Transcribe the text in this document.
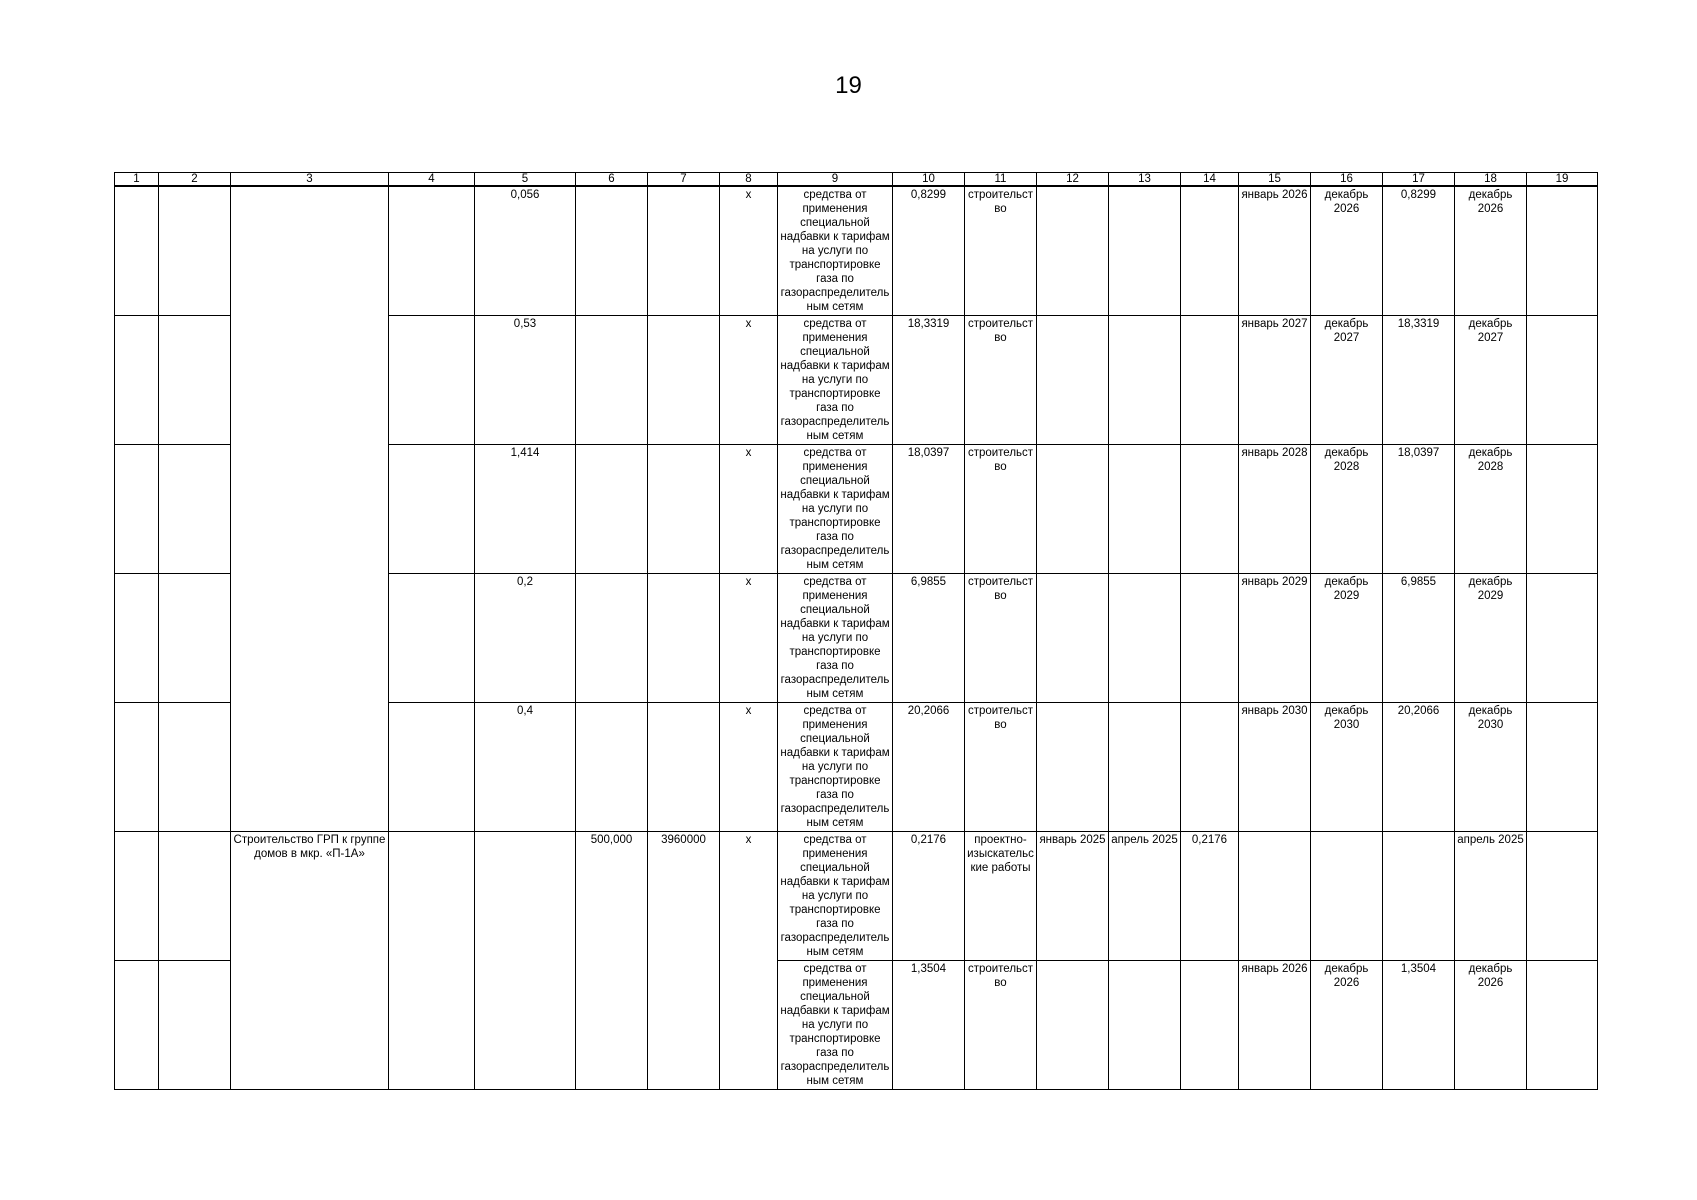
19
1	2	3	4	5	6	7	8	9	10	11	12	13	14	15	16	17	18	19
				0,056			х	средства от применения специальной надбавки к тарифам на услуги по транспортировке газа по газораспределительным сетям	0,8299	строительство				январь 2026	декабрь 2026	0,8299	декабрь 2026	
				0,53			х	средства от применения специальной надбавки к тарифам на услуги по транспортировке газа по газораспределительным сетям	18,3319	строительство				январь 2027	декабрь 2027	18,3319	декабрь 2027	
				1,414			х	средства от применения специальной надбавки к тарифам на услуги по транспортировке газа по газораспределительным сетям	18,0397	строительство				январь 2028	декабрь 2028	18,0397	декабрь 2028	
				0,2			х	средства от применения специальной надбавки к тарифам на услуги по транспортировке газа по газораспределительным сетям	6,9855	строительство				январь 2029	декабрь 2029	6,9855	декабрь 2029	
				0,4			х	средства от применения специальной надбавки к тарифам на услуги по транспортировке газа по газораспределительным сетям	20,2066	строительство				январь 2030	декабрь 2030	20,2066	декабрь 2030	
		Строительство ГРП к группе домов в мкр. «П-1А»			500,000	3960000	х	средства от применения специальной надбавки к тарифам на услуги по транспортировке газа по газораспределительным сетям	0,2176	проектно-изыскательские работы	январь 2025	апрель 2025	0,2176				апрель 2025	
								средства от применения специальной надбавки к тарифам на услуги по транспортировке газа по газораспределительным сетям	1,3504	строительство				январь 2026	декабрь 2026	1,3504	декабрь 2026	
